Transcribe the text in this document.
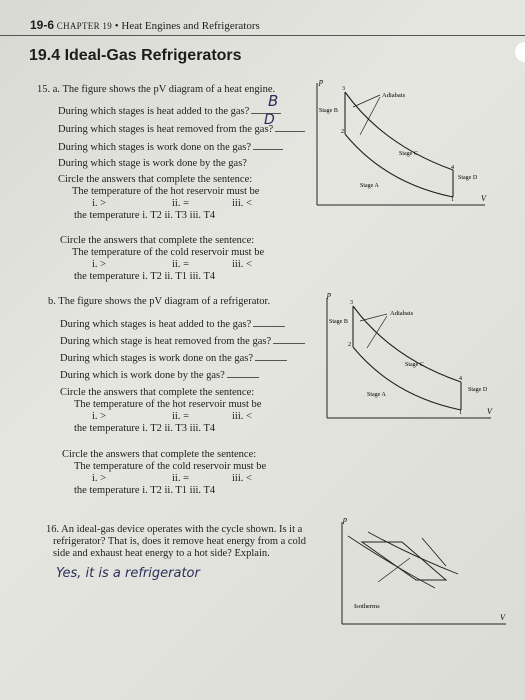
19-6 CHAPTER 19 • Heat Engines and Refrigerators
19.4 Ideal-Gas Refrigerators
15. a. The figure shows the pV diagram of a heat engine.
During which stages is heat added to the gas?
During which stages is heat removed from the gas?
During which stages is work done on the gas?
During which stage is work done by the gas?
B
D
Circle the answers that complete the sentence:
The temperature of the hot reservoir must be
i. >	ii. =	iii. <
the temperature i. T2 ii. T3 iii. T4
Circle the answers that complete the sentence:
The temperature of the cold reservoir must be
i. >	ii. =	iii. <
the temperature i. T2 ii. T1 iii. T4
b. The figure shows the pV diagram of a refrigerator.
During which stages is heat added to the gas?
During which stage is heat removed from the gas?
During which stages is work done on the gas?
During which is work done by the gas?
Circle the answers that complete the sentence:
The temperature of the hot reservoir must be
i. >	ii. =	iii. <
the temperature i. T2 ii. T3 iii. T4
Circle the answers that complete the sentence:
The temperature of the cold reservoir must be
i. >	ii. =	iii. <
the temperature i. T2 ii. T1 iii. T4
p
V
Adiabats
Stage B
Stage C
Stage A
Stage D
3
2
4
1
p
V
Adiabats
Stage B
Stage C
Stage A
Stage D
3
2
4
1
16. An ideal-gas device operates with the cycle shown. Is it a
refrigerator? That is, does it remove heat energy from a cold
side and exhaust heat energy to a hot side? Explain.
Yes, it is a refrigerator
p
V
Isotherms
